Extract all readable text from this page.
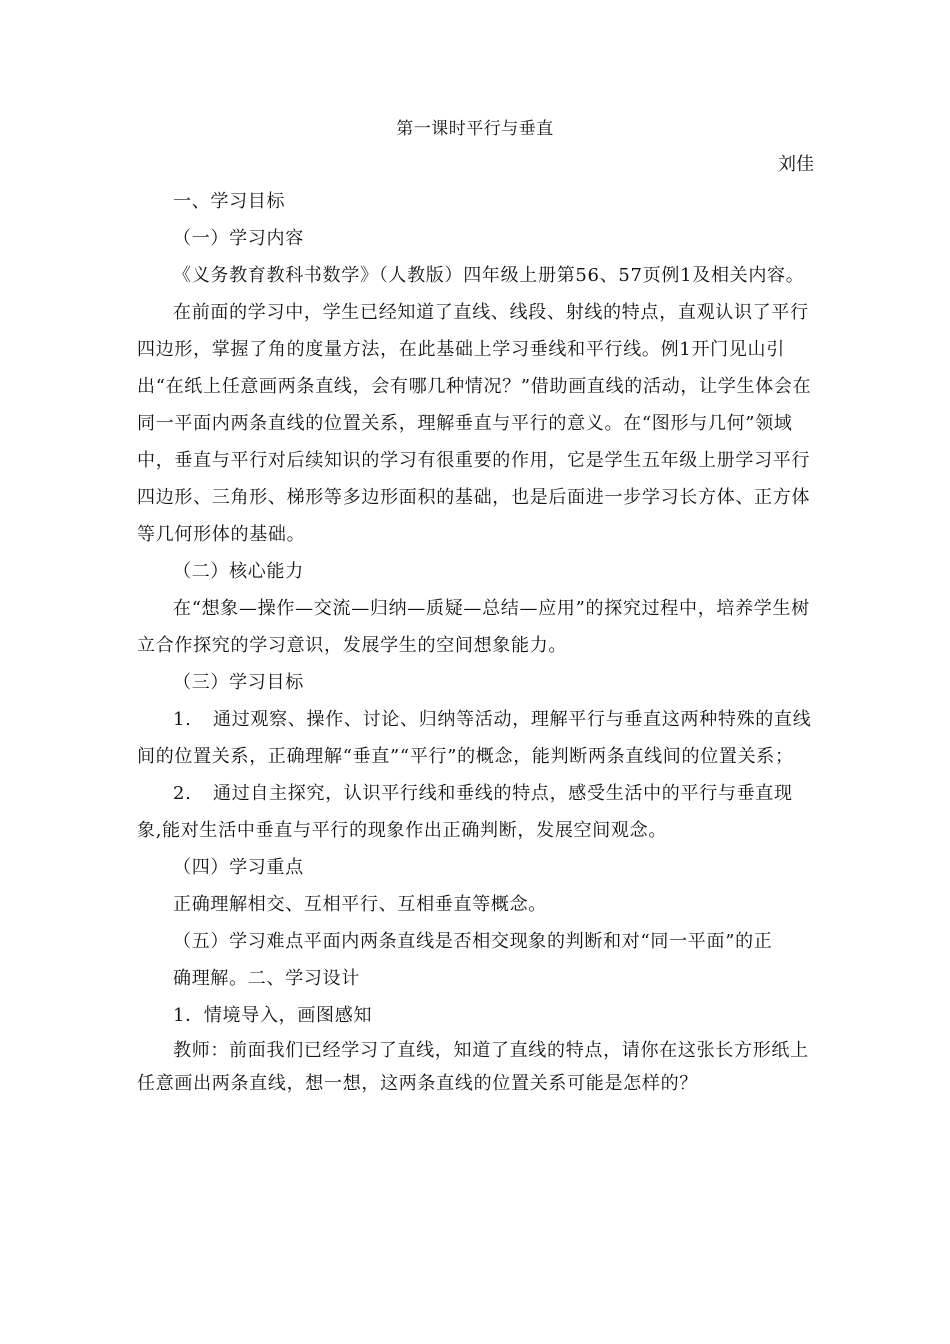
第一课时平行与垂直
刘佳

一、学习目标

（一）学习内容

《义务教育教科书数学》（人教版）四年级上册第56、57页例1及相关内容。

在前面的学习中，学生已经知道了直线、线段、射线的特点，直观认识了平行四边形，掌握了角的度量方法，在此基础上学习垂线和平行线。例1开门见山引出“在纸上任意画两条直线，会有哪几种情况？”借助画直线的活动，让学生体会在同一平面内两条直线的位置关系，理解垂直与平行的意义。在“图形与几何”领域中，垂直与平行对后续知识的学习有很重要的作用，它是学生五年级上册学习平行四边形、三角形、梯形等多边形面积的基础，也是后面进一步学习长方体、正方体等几何形体的基础。

（二）核心能力

在“想象—操作—交流—归纳—质疑—总结—应用”的探究过程中，培养学生树立合作探究的学习意识，发展学生的空间想象能力。

（三）学习目标

1. 通过观察、操作、讨论、归纳等活动，理解平行与垂直这两种特殊的直线间的位置关系，正确理解“垂直”“平行”的概念，能判断两条直线间的位置关系；

2. 通过自主探究，认识平行线和垂线的特点，感受生活中的平行与垂直现象,能对生活中垂直与平行的现象作出正确判断，发展空间观念。

（四）学习重点

正确理解相交、互相平行、互相垂直等概念。

（五）学习难点平面内两条直线是否相交现象的判断和对“同一平面”的正

确理解。二、学习设计

1．情境导入，画图感知

教师：前面我们已经学习了直线，知道了直线的特点，请你在这张长方形纸上任意画出两条直线，想一想，这两条直线的位置关系可能是怎样的？
